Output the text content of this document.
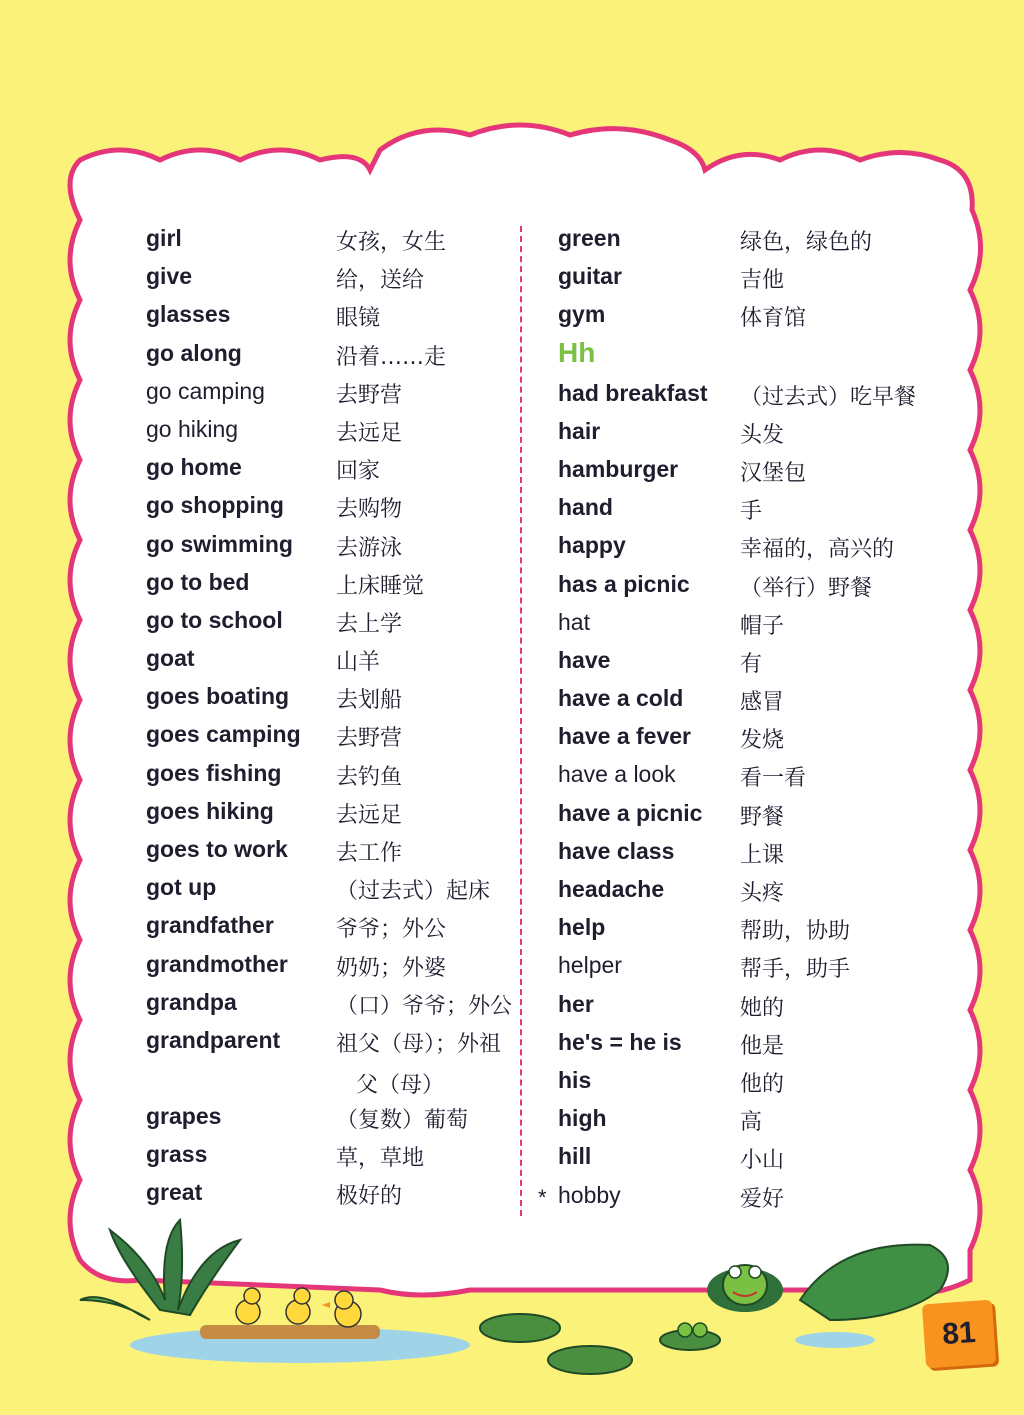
girl	女孩，女生
give	给，送给
glasses	眼镜
go along	沿着……走
go camping	去野营
go hiking	去远足
go home	回家
go shopping 去购物
go swimming 去游泳
go to bed	上床睡觉
go to school 去上学
goat	山羊
goes boating 去划船
goes camping 去野营
goes fishing 去钓鱼
goes hiking	去远足
goes to work 去工作
got up	（过去式）起床
grandfather	爷爷；外公
grandmother 奶奶；外婆
grandpa	（口）爷爷；外公
grandparent	祖父（母）；外祖
父（母）
grapes	（复数）葡萄
grass	草，草地
great	极好的
green	绿色，绿色的
guitar	吉他
gym	体育馆
Hh
had breakfast （过去式）吃早餐
hair	头发
hamburger	汉堡包
hand	手
happy	幸福的，高兴的
has a picnic （举行）野餐
hat	帽子
have	有
have a cold	感冒
have a fever 发烧
have a look	看一看
have a picnic 野餐
have class	上课
headache	头疼
help	帮助，协助
helper	帮手，助手
her	她的
he's = he is	他是
his	他的
high	高
hill	小山
* hobby	爱好
81
